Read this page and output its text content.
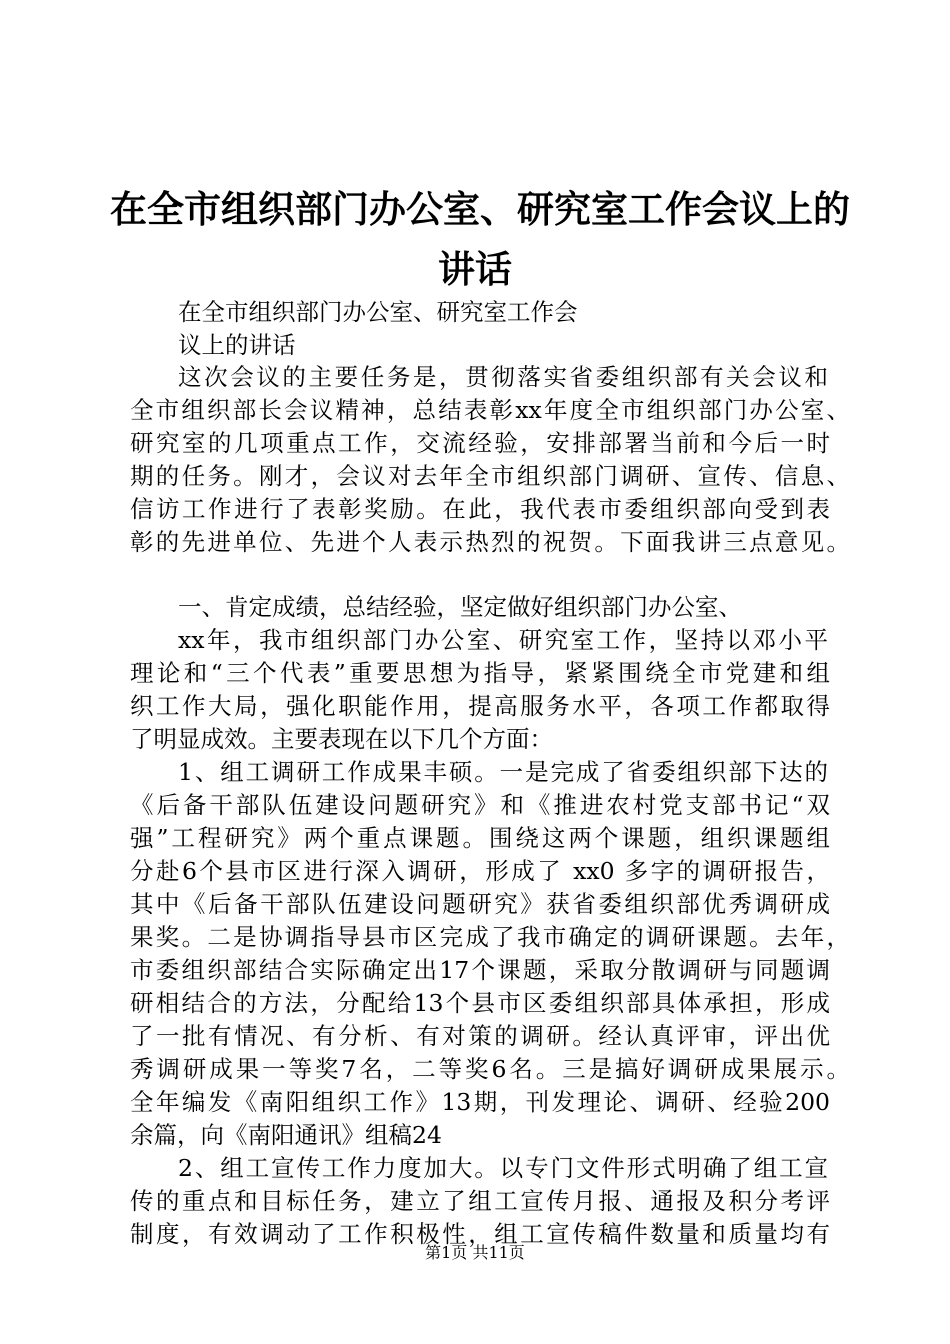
在全市组织部门办公室、研究室工作会议上的
讲话
在全市组织部门办公室、研究室工作会
议上的讲话
这次会议的主要任务是，贯彻落实省委组织部有关会议和
全市组织部长会议精神，总结表彰xx年度全市组织部门办公室、
研究室的几项重点工作，交流经验，安排部署当前和今后一时
期的任务。刚才，会议对去年全市组织部门调研、宣传、信息、
信访工作进行了表彰奖励。在此，我代表市委组织部向受到表
彰的先进单位、先进个人表示热烈的祝贺。下面我讲三点意见。
一、肯定成绩，总结经验，坚定做好组织部门办公室、
xx年，我市组织部门办公室、研究室工作，坚持以邓小平
理论和“三个代表”重要思想为指导，紧紧围绕全市党建和组
织工作大局，强化职能作用，提高服务水平，各项工作都取得
了明显成效。主要表现在以下几个方面：
1、组工调研工作成果丰硕。一是完成了省委组织部下达的
《后备干部队伍建设问题研究》和《推进农村党支部书记“双
强”工程研究》两个重点课题。围绕这两个课题，组织课题组
分赴6个县市区进行深入调研，形成了 xx0 多字的调研报告，
其中《后备干部队伍建设问题研究》获省委组织部优秀调研成
果奖。二是协调指导县市区完成了我市确定的调研课题。去年，
市委组织部结合实际确定出17个课题，采取分散调研与同题调
研相结合的方法，分配给13个县市区委组织部具体承担，形成
了一批有情况、有分析、有对策的调研。经认真评审，评出优
秀调研成果一等奖7名，二等奖6名。三是搞好调研成果展示。
全年编发《南阳组织工作》13期，刊发理论、调研、经验200
余篇，向《南阳通讯》组稿24
2、组工宣传工作力度加大。以专门文件形式明确了组工宣
传的重点和目标任务，建立了组工宣传月报、通报及积分考评
制度，有效调动了工作积极性，组工宣传稿件数量和质量均有
第1页 共11页
